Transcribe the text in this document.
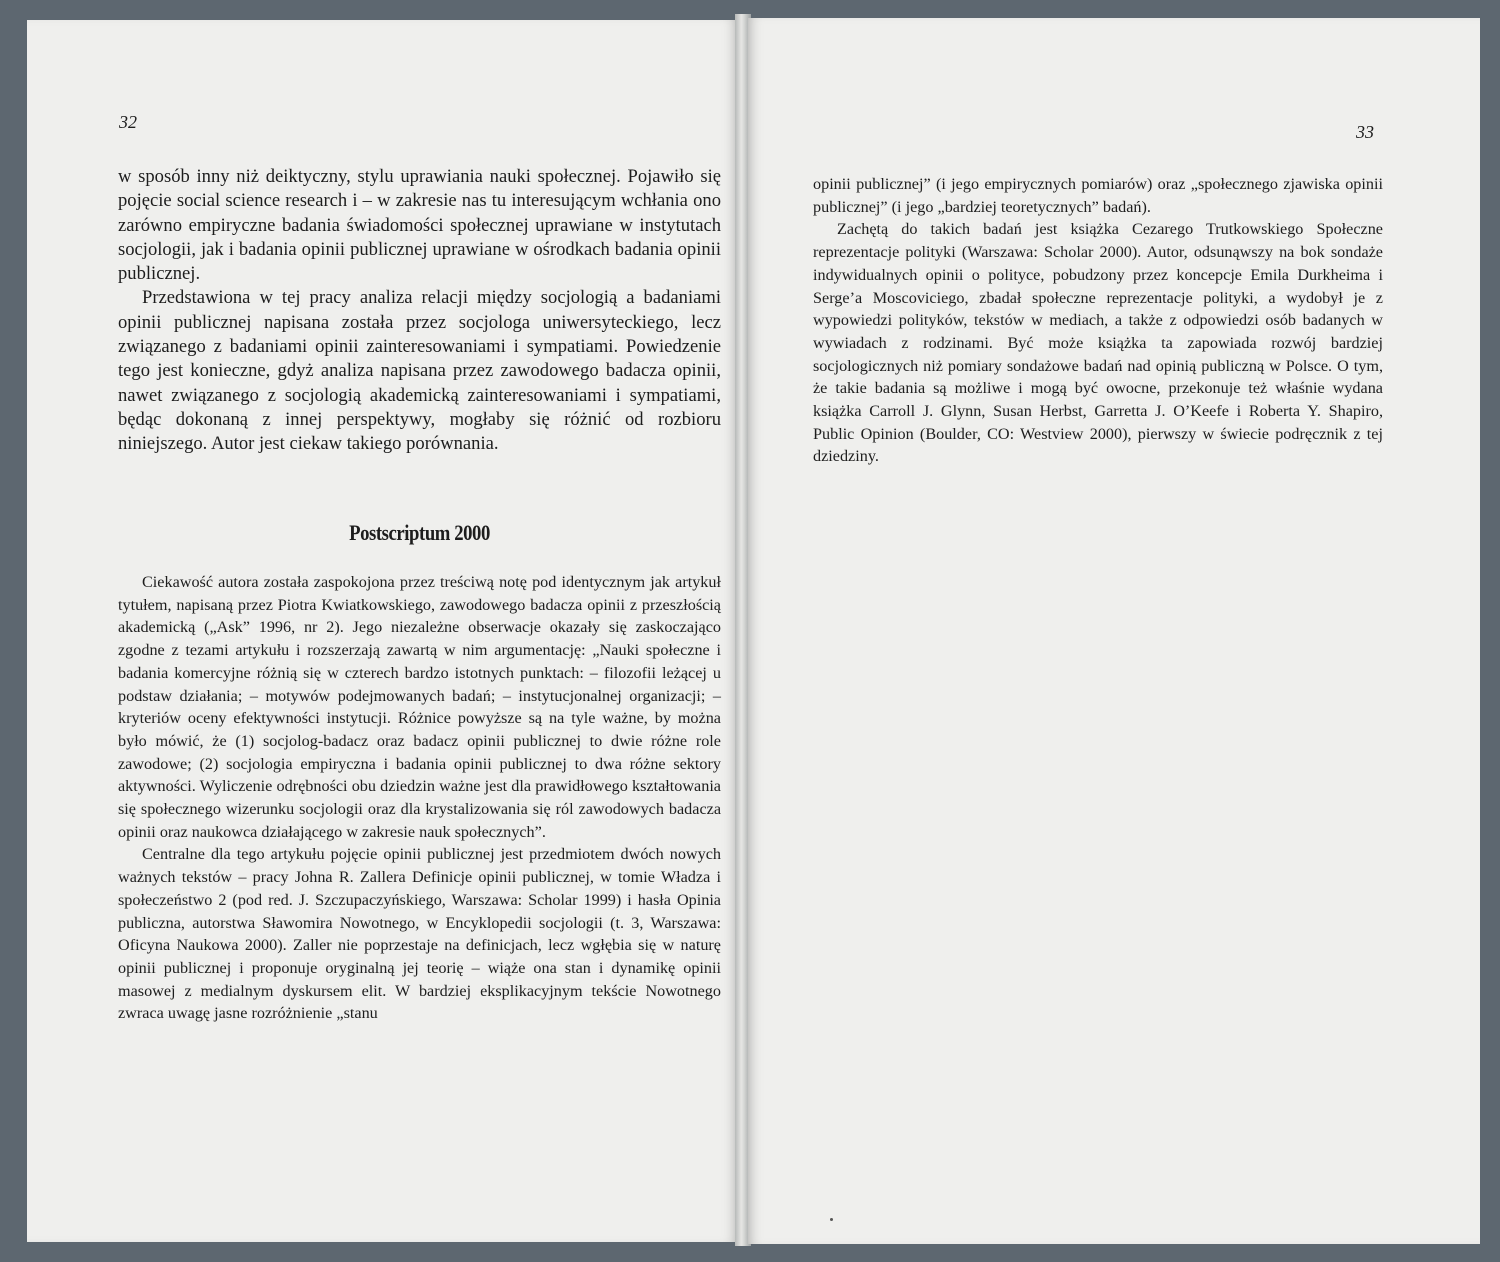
32

w sposób inny niż deiktyczny, stylu uprawiania nauki społecznej. Pojawiło się pojęcie social science research i – w zakresie nas tu interesującym wchłania ono zarówno empiryczne badania świadomości społecznej uprawiane w instytutach socjologii, jak i badania opinii publicznej uprawiane w ośrodkach badania opinii publicznej.

Przedstawiona w tej pracy analiza relacji między socjologią a badaniami opinii publicznej napisana została przez socjologa uniwersyteckiego, lecz związanego z badaniami opinii zainteresowaniami i sympatiami. Powiedzenie tego jest konieczne, gdyż analiza napisana przez zawodowego badacza opinii, nawet związanego z socjologią akademicką zainteresowaniami i sympatiami, będąc dokonaną z innej perspektywy, mogłaby się różnić od rozbioru niniejszego. Autor jest ciekaw takiego porównania.

Postscriptum 2000

Ciekawość autora została zaspokojona przez treściwą notę pod identycznym jak artykuł tytułem, napisaną przez Piotra Kwiatkowskiego, zawodowego badacza opinii z przeszłością akademicką („Ask” 1996, nr 2). Jego niezależne obserwacje okazały się zaskoczająco zgodne z tezami artykułu i rozszerzają zawartą w nim argumentację: „Nauki społeczne i badania komercyjne różnią się w czterech bardzo istotnych punktach: – filozofii leżącej u podstaw działania; – motywów podejmowanych badań; – instytucjonalnej organizacji; – kryteriów oceny efektywności instytucji. Różnice powyższe są na tyle ważne, by można było mówić, że (1) socjolog-badacz oraz badacz opinii publicznej to dwie różne role zawodowe; (2) socjologia empiryczna i badania opinii publicznej to dwa różne sektory aktywności. Wyliczenie odrębności obu dziedzin ważne jest dla prawidłowego kształtowania się społecznego wizerunku socjologii oraz dla krystalizowania się ról zawodowych badacza opinii oraz naukowca działającego w zakresie nauk społecznych”.

Centralne dla tego artykułu pojęcie opinii publicznej jest przedmiotem dwóch nowych ważnych tekstów – pracy Johna R. Zallera Definicje opinii publicznej, w tomie Władza i społeczeństwo 2 (pod red. J. Szczupaczyńskiego, Warszawa: Scholar 1999) i hasła Opinia publiczna, autorstwa Sławomira Nowotnego, w Encyklopedii socjologii (t. 3, Warszawa: Oficyna Naukowa 2000). Zaller nie poprzestaje na definicjach, lecz wgłębia się w naturę opinii publicznej i proponuje oryginalną jej teorię – wiąże ona stan i dynamikę opinii masowej z medialnym dyskursem elit. W bardziej eksplikacyjnym tekście Nowotnego zwraca uwagę jasne rozróżnienie „stanu

33

opinii publicznej” (i jego empirycznych pomiarów) oraz „społecznego zjawiska opinii publicznej” (i jego „bardziej teoretycznych” badań).

Zachętą do takich badań jest książka Cezarego Trutkowskiego Społeczne reprezentacje polityki (Warszawa: Scholar 2000). Autor, odsunąwszy na bok sondaże indywidualnych opinii o polityce, pobudzony przez koncepcje Emila Durkheima i Serge’a Moscoviciego, zbadał społeczne reprezentacje polityki, a wydobył je z wypowiedzi polityków, tekstów w mediach, a także z odpowiedzi osób badanych w wywiadach z rodzinami. Być może książka ta zapowiada rozwój bardziej socjologicznych niż pomiary sondażowe badań nad opinią publiczną w Polsce. O tym, że takie badania są możliwe i mogą być owocne, przekonuje też właśnie wydana książka Carroll J. Glynn, Susan Herbst, Garretta J. O’Keefe i Roberta Y. Shapiro, Public Opinion (Boulder, CO: Westview 2000), pierwszy w świecie podręcznik z tej dziedziny.
